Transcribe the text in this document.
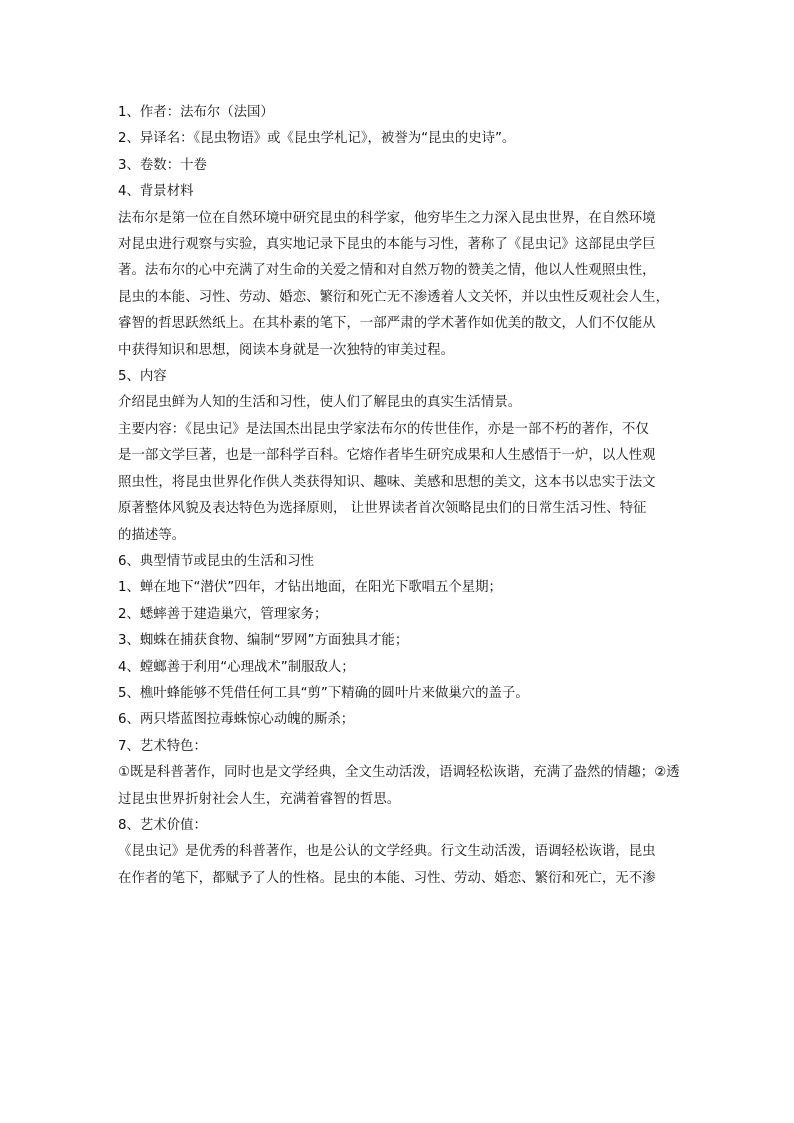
1、作者：法布尔（法国）
2、异译名：《昆虫物语》或《昆虫学札记》，被誉为“昆虫的史诗”。
3、卷数：十卷
4、背景材料
法布尔是第一位在自然环境中研究昆虫的科学家，他穷毕生之力深入昆虫世界，在自然环境
对昆虫进行观察与实验，真实地记录下昆虫的本能与习性，著称了《昆虫记》这部昆虫学巨
著。法布尔的心中充满了对生命的关爱之情和对自然万物的赞美之情，他以人性观照虫性，
昆虫的本能、习性、劳动、婚恋、繁衍和死亡无不渗透着人文关怀，并以虫性反观社会人生，
睿智的哲思跃然纸上。在其朴素的笔下，一部严肃的学术著作如优美的散文，人们不仅能从
中获得知识和思想，阅读本身就是一次独特的审美过程。
5、内容
介绍昆虫鲜为人知的生活和习性，使人们了解昆虫的真实生活情景。
主要内容：《昆虫记》是法国杰出昆虫学家法布尔的传世佳作，亦是一部不朽的著作，不仅
是一部文学巨著，也是一部科学百科。它熔作者毕生研究成果和人生感悟于一炉，以人性观
照虫性，将昆虫世界化作供人类获得知识、趣味、美感和思想的美文，这本书以忠实于法文
原著整体风貌及表达特色为选择原则， 让世界读者首次领略昆虫们的日常生活习性、特征
的描述等。
6、典型情节或昆虫的生活和习性
1、蝉在地下“潜伏”四年，才钻出地面，在阳光下歌唱五个星期；
2、蟋蟀善于建造巢穴，管理家务；
3、蜘蛛在捕获食物、编制“罗网”方面独具才能；
4、螳螂善于利用“心理战术”制服敌人；
5、樵叶蜂能够不凭借任何工具“剪”下精确的圆叶片来做巢穴的盖子。
6、两只塔蓝图拉毒蛛惊心动魄的厮杀；
7、艺术特色：
①既是科普著作，同时也是文学经典，全文生动活泼，语调轻松诙谐，充满了盎然的情趣；②透
过昆虫世界折射社会人生，充满着睿智的哲思。
8、艺术价值：
《昆虫记》是优秀的科普著作，也是公认的文学经典。行文生动活泼，语调轻松诙谐，昆虫
在作者的笔下，都赋予了人的性格。昆虫的本能、习性、劳动、婚恋、繁衍和死亡，无不渗
